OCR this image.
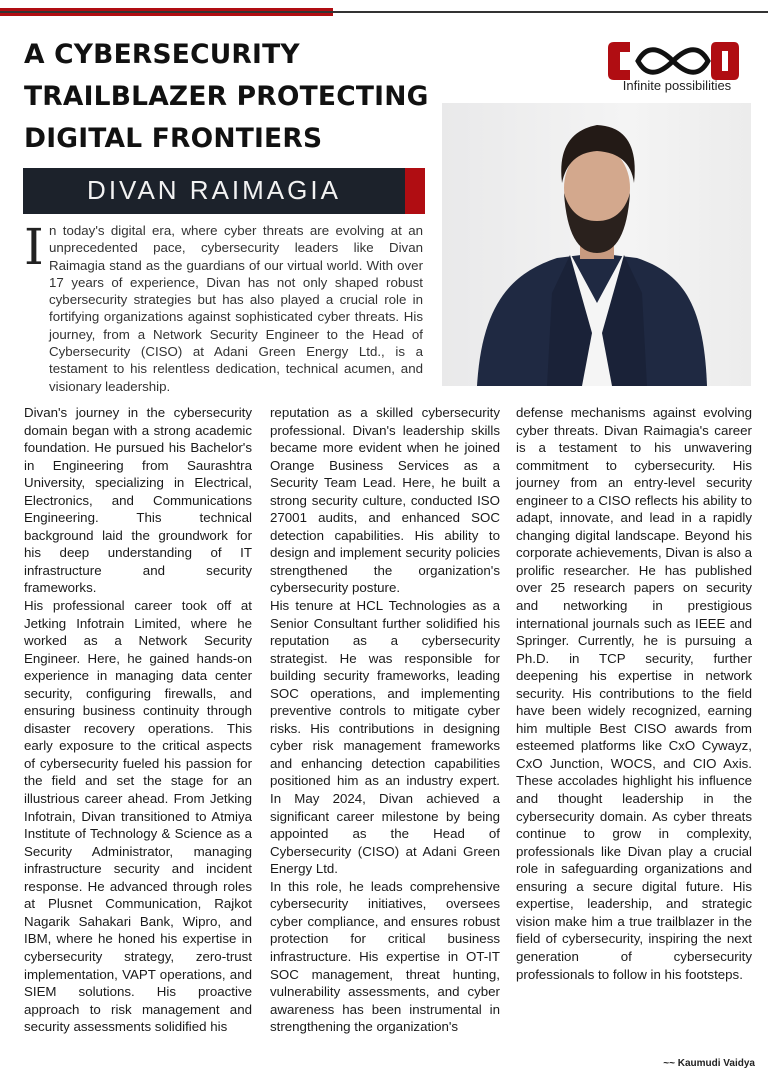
A CYBERSECURITY
TRAILBLAZER PROTECTING
DIGITAL FRONTIERS
Infinite possibilities
DIVAN RAIMAGIA
I n today's digital era, where cyber threats are evolving at an unprecedented pace, cybersecurity leaders like Divan Raimagia stand as the guardians of our virtual world. With over 17 years of experience, Divan has not only shaped robust cybersecurity strategies but has also played a crucial role in fortifying organizations against sophisticated cyber threats. His journey, from a Network Security Engineer to the Head of Cybersecurity (CISO) at Adani Green Energy Ltd., is a testament to his relentless dedication, technical acumen, and visionary leadership.

Divan's journey in the cybersecurity domain began with a strong academic foundation. He pursued his Bachelor's in Engineering from Saurashtra University, specializing in Electrical, Electronics, and Communications Engineering. This technical background laid the groundwork for his deep understanding of IT infrastructure and security frameworks.

His professional career took off at Jetking Infotrain Limited, where he worked as a Network Security Engineer. Here, he gained hands-on experience in managing data center security, configuring firewalls, and ensuring business continuity through disaster recovery operations. This early exposure to the critical aspects of cybersecurity fueled his passion for the field and set the stage for an illustrious career ahead. From Jetking Infotrain, Divan transitioned to Atmiya Institute of Technology & Science as a Security Administrator, managing infrastructure security and incident response. He advanced through roles at Plusnet Communication, Rajkot Nagarik Sahakari Bank, Wipro, and IBM, where he honed his expertise in cybersecurity strategy, zero-trust implementation, VAPT operations, and SIEM solutions. His proactive approach to risk management and security assessments solidified his

reputation as a skilled cybersecurity professional. Divan's leadership skills became more evident when he joined Orange Business Services as a Security Team Lead. Here, he built a strong security culture, conducted ISO 27001 audits, and enhanced SOC detection capabilities. His ability to design and implement security policies strengthened the organization's cybersecurity posture.

His tenure at HCL Technologies as a Senior Consultant further solidified his reputation as a cybersecurity strategist. He was responsible for building security frameworks, leading SOC operations, and implementing preventive controls to mitigate cyber risks. His contributions in designing cyber risk management frameworks and enhancing detection capabilities positioned him as an industry expert. In May 2024, Divan achieved a significant career milestone by being appointed as the Head of Cybersecurity (CISO) at Adani Green Energy Ltd.

In this role, he leads comprehensive cybersecurity initiatives, oversees cyber compliance, and ensures robust protection for critical business infrastructure. His expertise in OT-IT SOC management, threat hunting, vulnerability assessments, and cyber awareness has been instrumental in strengthening the organization's

defense mechanisms against evolving cyber threats. Divan Raimagia's career is a testament to his unwavering commitment to cybersecurity. His journey from an entry-level security engineer to a CISO reflects his ability to adapt, innovate, and lead in a rapidly changing digital landscape. Beyond his corporate achievements, Divan is also a prolific researcher. He has published over 25 research papers on security and networking in prestigious international journals such as IEEE and Springer. Currently, he is pursuing a Ph.D. in TCP security, further deepening his expertise in network security. His contributions to the field have been widely recognized, earning him multiple Best CISO awards from esteemed platforms like CxO Cywayz, CxO Junction, WOCS, and CIO Axis. These accolades highlight his influence and thought leadership in the cybersecurity domain. As cyber threats continue to grow in complexity, professionals like Divan play a crucial role in safeguarding organizations and ensuring a secure digital future. His expertise, leadership, and strategic vision make him a true trailblazer in the field of cybersecurity, inspiring the next generation of cybersecurity professionals to follow in his footsteps.

~~ Kaumudi Vaidya
